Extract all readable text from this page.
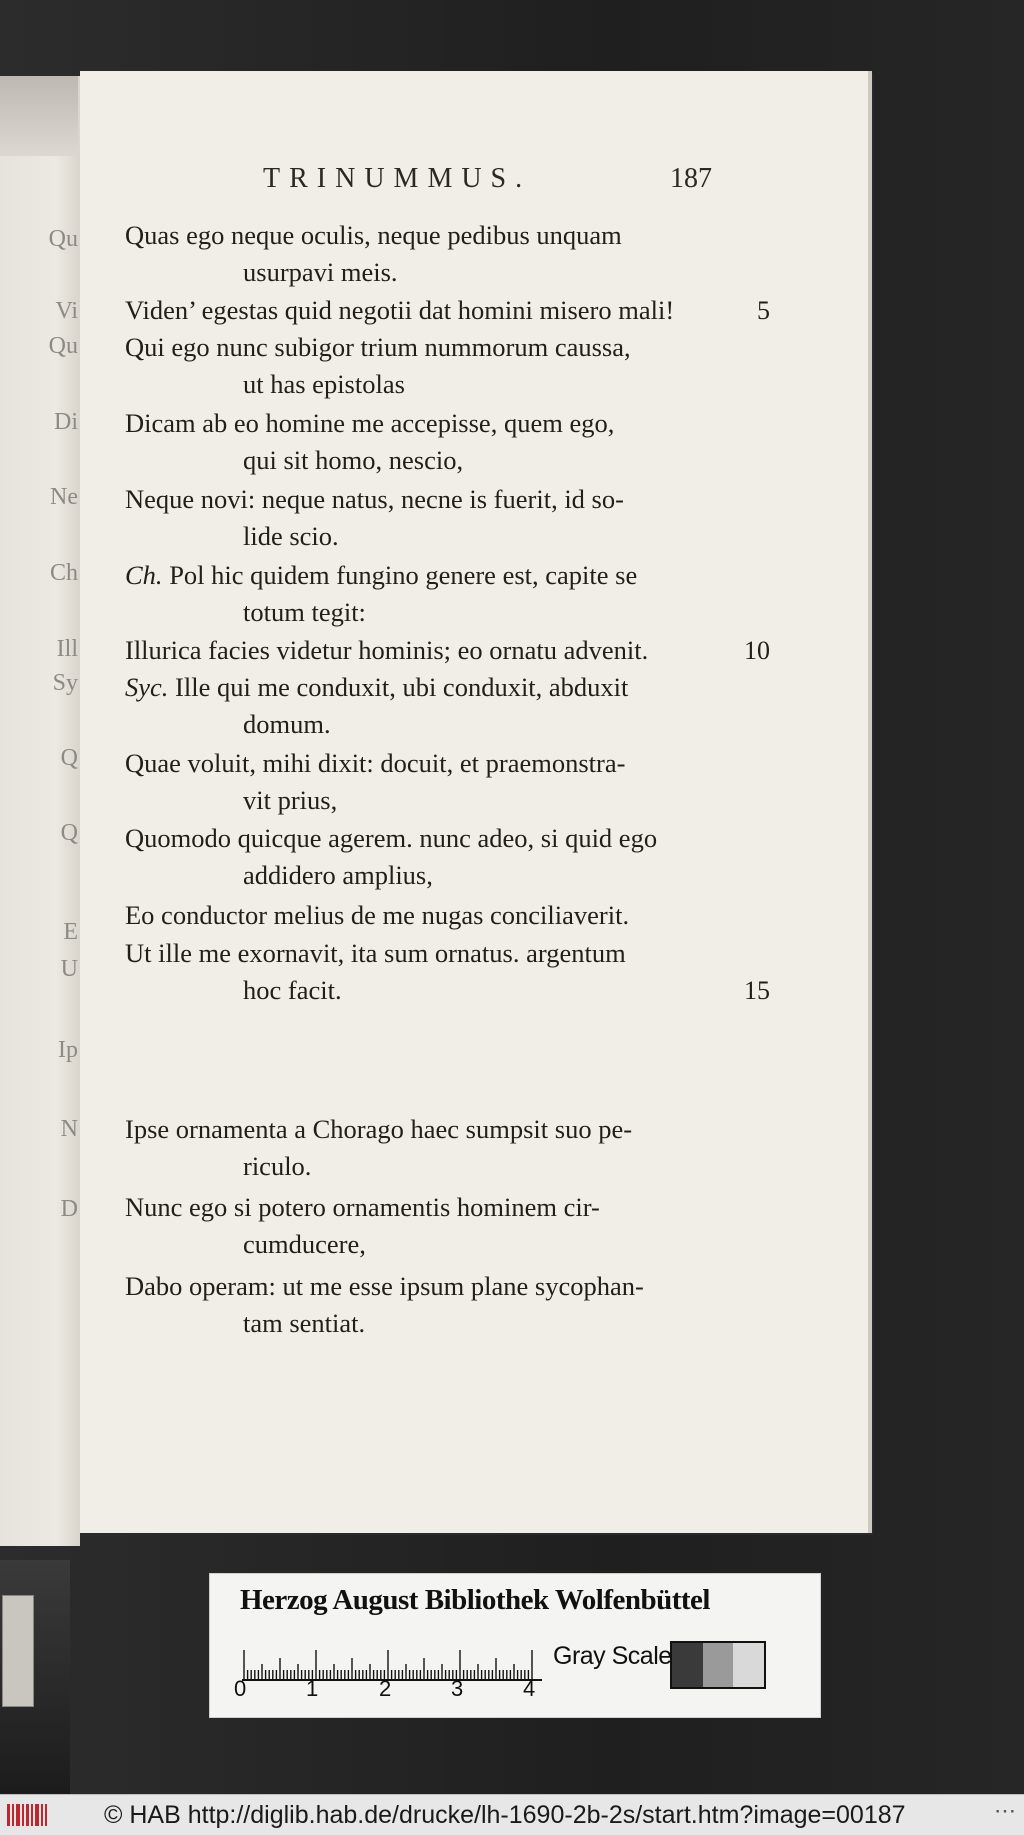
Qu
Vi
Qu
Di
Ne
Ch
Ill
Sy
Q
Q
E
U
Ip
N
D
TRINUMMUS.	187
Quas ego neque oculis, neque pedibus unquam
usurpavi meis.
Viden’ egestas quid negotii dat homini misero mali!	5
Qui ego nunc subigor trium nummorum caussa,
ut has epistolas
Dicam ab eo homine me accepisse, quem ego,
qui sit homo, nescio,
Neque novi: neque natus, necne is fuerit, id so-
lide scio.
Ch. Pol hic quidem fungino genere est, capite se
totum tegit:
Illurica facies videtur hominis; eo ornatu advenit.	10
Syc. Ille qui me conduxit, ubi conduxit, abduxit
domum.
Quae voluit, mihi dixit: docuit, et praemonstra-
vit prius,
Quomodo quicque agerem. nunc adeo, si quid ego
addidero amplius,
Eo conductor melius de me nugas conciliaverit.
Ut ille me exornavit, ita sum ornatus. argentum
hoc facit.	15
Ipse ornamenta a Chorago haec sumpsit suo pe-
riculo.
Nunc ego si potero ornamentis hominem cir-
cumducere,
Dabo operam: ut me esse ipsum plane sycophan-
tam sentiat.
Herzog August Bibliothek Wolfenbüttel
0	1	2	3	4
Gray Scale
© HAB http://diglib.hab.de/drucke/lh-1690-2b-2s/start.htm?image=00187	⋯
